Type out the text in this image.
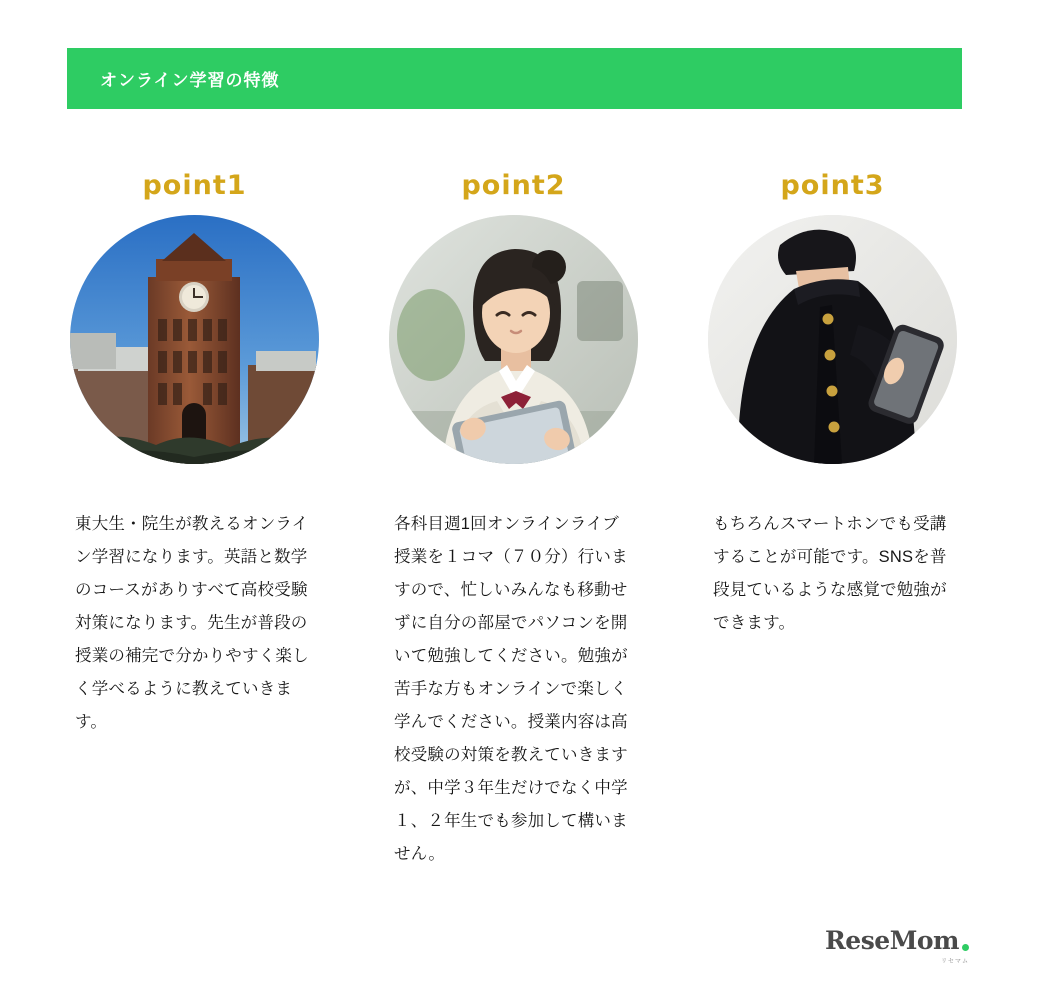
オンライン学習の特徴
point1
東大生・院生が教えるオンライン学習になります。英語と数学のコースがありすべて高校受験対策になります。先生が普段の授業の補完で分かりやすく楽しく学べるように教えていきます。
point2
各科目週1回オンラインライブ授業を１コマ（７０分）行いますので、忙しいみんなも移動せずに自分の部屋でパソコンを開いて勉強してください。勉強が苦手な方もオンラインで楽しく学んでください。授業内容は高校受験の対策を教えていきますが、中学３年生だけでなく中学１、２年生でも参加して構いません。
point3
もちろんスマートホンでも受講することが可能です。SNSを普段見ているような感覚で勉強ができます。
ReseMom
リセマム
